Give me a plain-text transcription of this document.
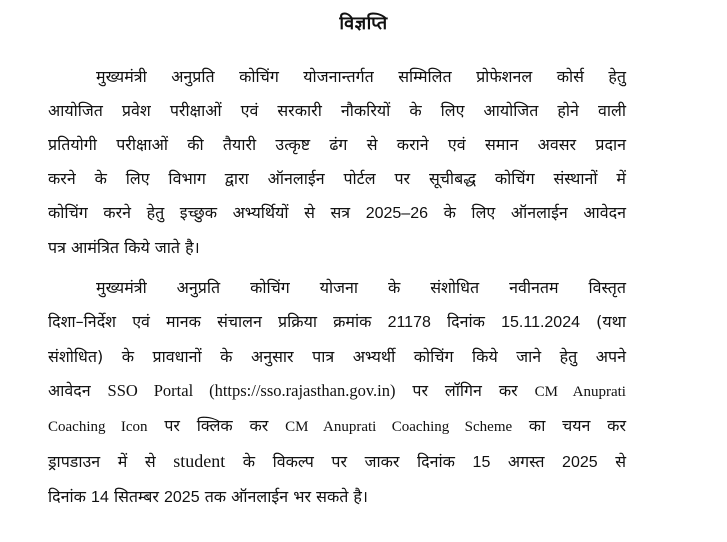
विज्ञप्ति
मुख्यमंत्री अनुप्रति कोचिंग योजनान्तर्गत सम्मिलित प्रोफेशनल कोर्स हेतु
आयोजित प्रवेश परीक्षाओं एवं सरकारी नौकरियों के लिए आयोजित होने वाली
प्रतियोगी परीक्षाओं की तैयारी उत्कृष्ट ढंग से कराने एवं समान अवसर प्रदान
करने के लिए विभाग द्वारा ऑनलाईन पोर्टल पर सूचीबद्ध कोचिंग संस्थानों में
कोचिंग करने हेतु इच्छुक अभ्यर्थियों से सत्र 2025–26 के लिए ऑनलाईन आवेदन
पत्र आमंत्रित किये जाते है।
मुख्यमंत्री अनुप्रति कोचिंग योजना के संशोधित नवीनतम विस्तृत
दिशा–निर्देश एवं मानक संचालन प्रक्रिया क्रमांक 21178 दिनांक 15.11.2024 (यथा
संशोधित) के प्रावधानों के अनुसार पात्र अभ्यर्थी कोचिंग किये जाने हेतु अपने
आवेदन SSO Portal (https://sso.rajasthan.gov.in) पर लॉगिन कर CM Anuprati
Coaching Icon पर क्लिक कर CM Anuprati Coaching Scheme का चयन कर
ड्रापडाउन में से student के विकल्प पर जाकर दिनांक 15 अगस्त 2025 से
दिनांक 14 सितम्बर 2025 तक ऑनलाईन भर सकते है।
